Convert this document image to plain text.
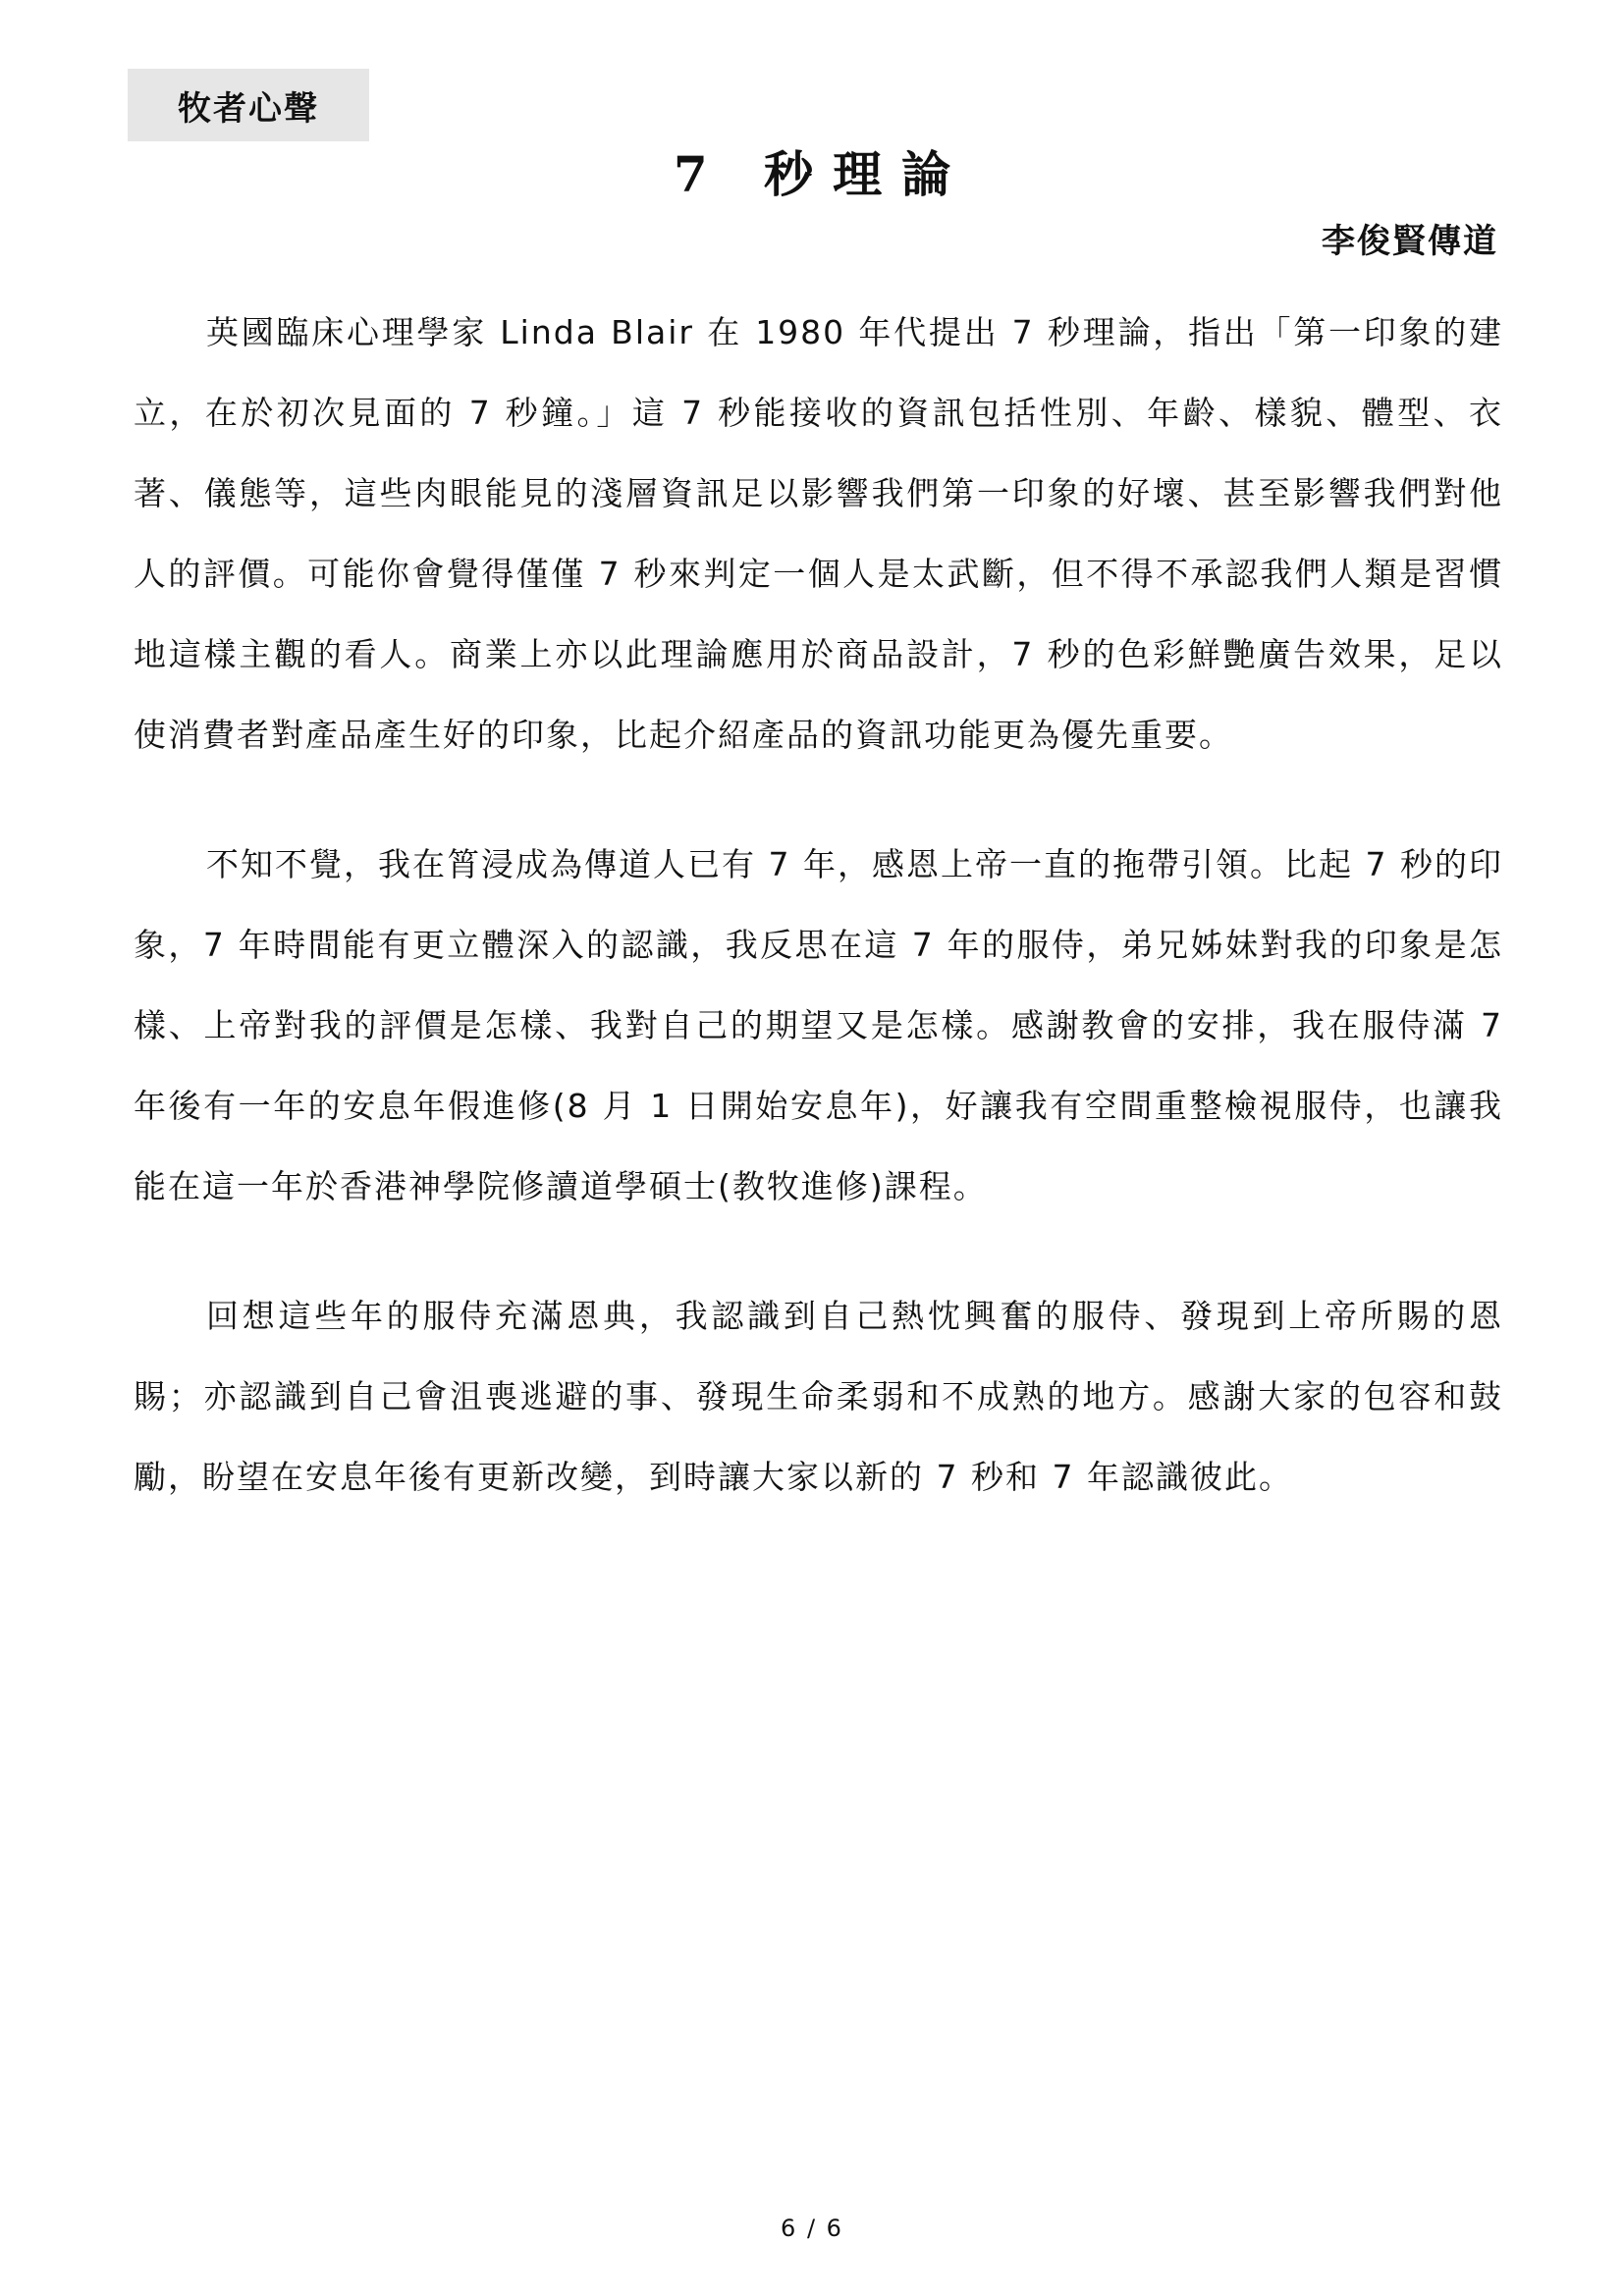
牧者心聲
7 秒理論
李俊賢傳道

英國臨床心理學家 Linda Blair 在 1980 年代提出 7 秒理論，指出「第一印象的建立，在於初次見面的 7 秒鐘。」這 7 秒能接收的資訊包括性別、年齡、樣貌、體型、衣著、儀態等，這些肉眼能見的淺層資訊足以影響我們第一印象的好壞、甚至影響我們對他人的評價。可能你會覺得僅僅 7 秒來判定一個人是太武斷，但不得不承認我們人類是習慣地這樣主觀的看人。商業上亦以此理論應用於商品設計，7 秒的色彩鮮艷廣告效果，足以使消費者對產品產生好的印象，比起介紹產品的資訊功能更為優先重要。

不知不覺，我在筲浸成為傳道人已有 7 年，感恩上帝一直的拖帶引領。比起 7 秒的印象，7 年時間能有更立體深入的認識，我反思在這 7 年的服侍，弟兄姊妹對我的印象是怎樣、上帝對我的評價是怎樣、我對自己的期望又是怎樣。感謝教會的安排，我在服侍滿 7 年後有一年的安息年假進修(8 月 1 日開始安息年)，好讓我有空間重整檢視服侍，也讓我能在這一年於香港神學院修讀道學碩士(教牧進修)課程。

回想這些年的服侍充滿恩典，我認識到自己熱忱興奮的服侍、發現到上帝所賜的恩賜；亦認識到自己會沮喪逃避的事、發現生命柔弱和不成熟的地方。感謝大家的包容和鼓勵，盼望在安息年後有更新改變，到時讓大家以新的 7 秒和 7 年認識彼此。

6 / 6
